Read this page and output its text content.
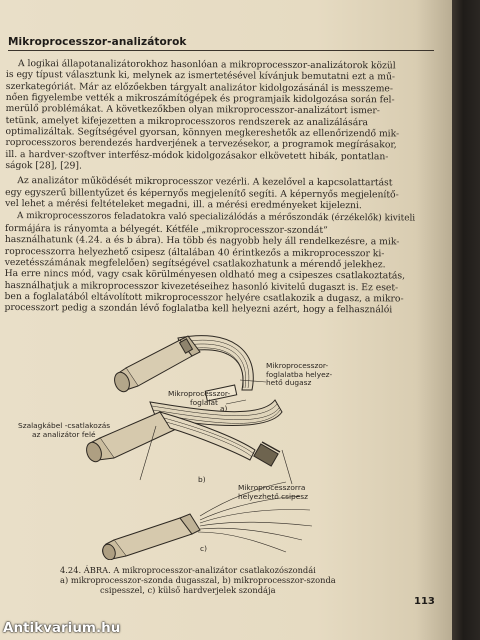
Mikroprocesszor-analizátorok

A logikai állapotanalizátorokhoz hasonlóan a mikroprocesszor-analizátorok közül
is egy típust választunk ki, melynek az ismertetésével kívánjuk bemutatni ezt a mű-
szerkategóriát. Már az előzőekben tárgyalt analizátor kidolgozásánál is messzeme-
nően figyelembe vették a mikroszámítógépek és programjaik kidolgozása során fel-
merülő problémákat. A következőkben olyan mikroprocesszor-analizátort ismer-
tetünk, amelyet kifejezetten a mikroprocesszoros rendszerek az analizálására
optimalizáltak. Segítségével gyorsan, könnyen megkereshetők az ellenőrizendő mik-
roprocesszoros berendezés hardverjének a tervezésekor, a programok megírásakor,
ill. a hardver-szoftver interfész-módok kidolgozásakor elkövetett hibák, pontatlan-
ságok [28], [29].

Az analizátor működését mikroprocesszor vezérli. A kezelővel a kapcsolattartást
egy egyszerű billentyűzet és képernyős megjelenítő segíti. A képernyős megjelenítő-
vel lehet a mérési feltételeket megadni, ill. a mérési eredményeket kijelezni.

A mikroprocesszoros feladatokra való specializálódás a mérőszondák (érzékelők) kiviteli
formájára is rányomta a bélyegét. Kétféle „mikroprocesszor-szondát”
használhatunk (4.24. a és b ábra). Ha több és nagyobb hely áll rendelkezésre, a mik-
roprocesszorra helyezhető csipesz (általában 40 érintkezős a mikroprocesszor ki-
vezetésszámának megfelelően) segítségével csatlakozhatunk a mérendő jelekhez.
Ha erre nincs mód, vagy csak körülményesen oldható meg a csipeszes csatlakoztatás,
használhatjuk a mikroprocesszor kivezetéseihez hasonló kivitelű dugaszt is. Ez eset-
ben a foglalatából eltávolított mikroprocesszor helyére csatlakozik a dugasz, a mikro-
processzort pedig a szondán lévő foglalatba kell helyezni azért, hogy a felhasználói

Mikroprocesszor-
foglalatba helyez-
hető dugasz
Mikroprocesszor-
foglalat
a)
Szalagkábel -csatlakozás
az analizátor felé
b)
Mikroprocesszorra
helyezhető csipesz
c)
4.24. ÁBRA. A mikroprocesszor-analizátor csatlakozószondái
a) mikroprocesszor-szonda dugasszal, b) mikroprocesszor-szonda
csipesszel, c) külső hardverjelek szondája
113
Antikvarium.hu
